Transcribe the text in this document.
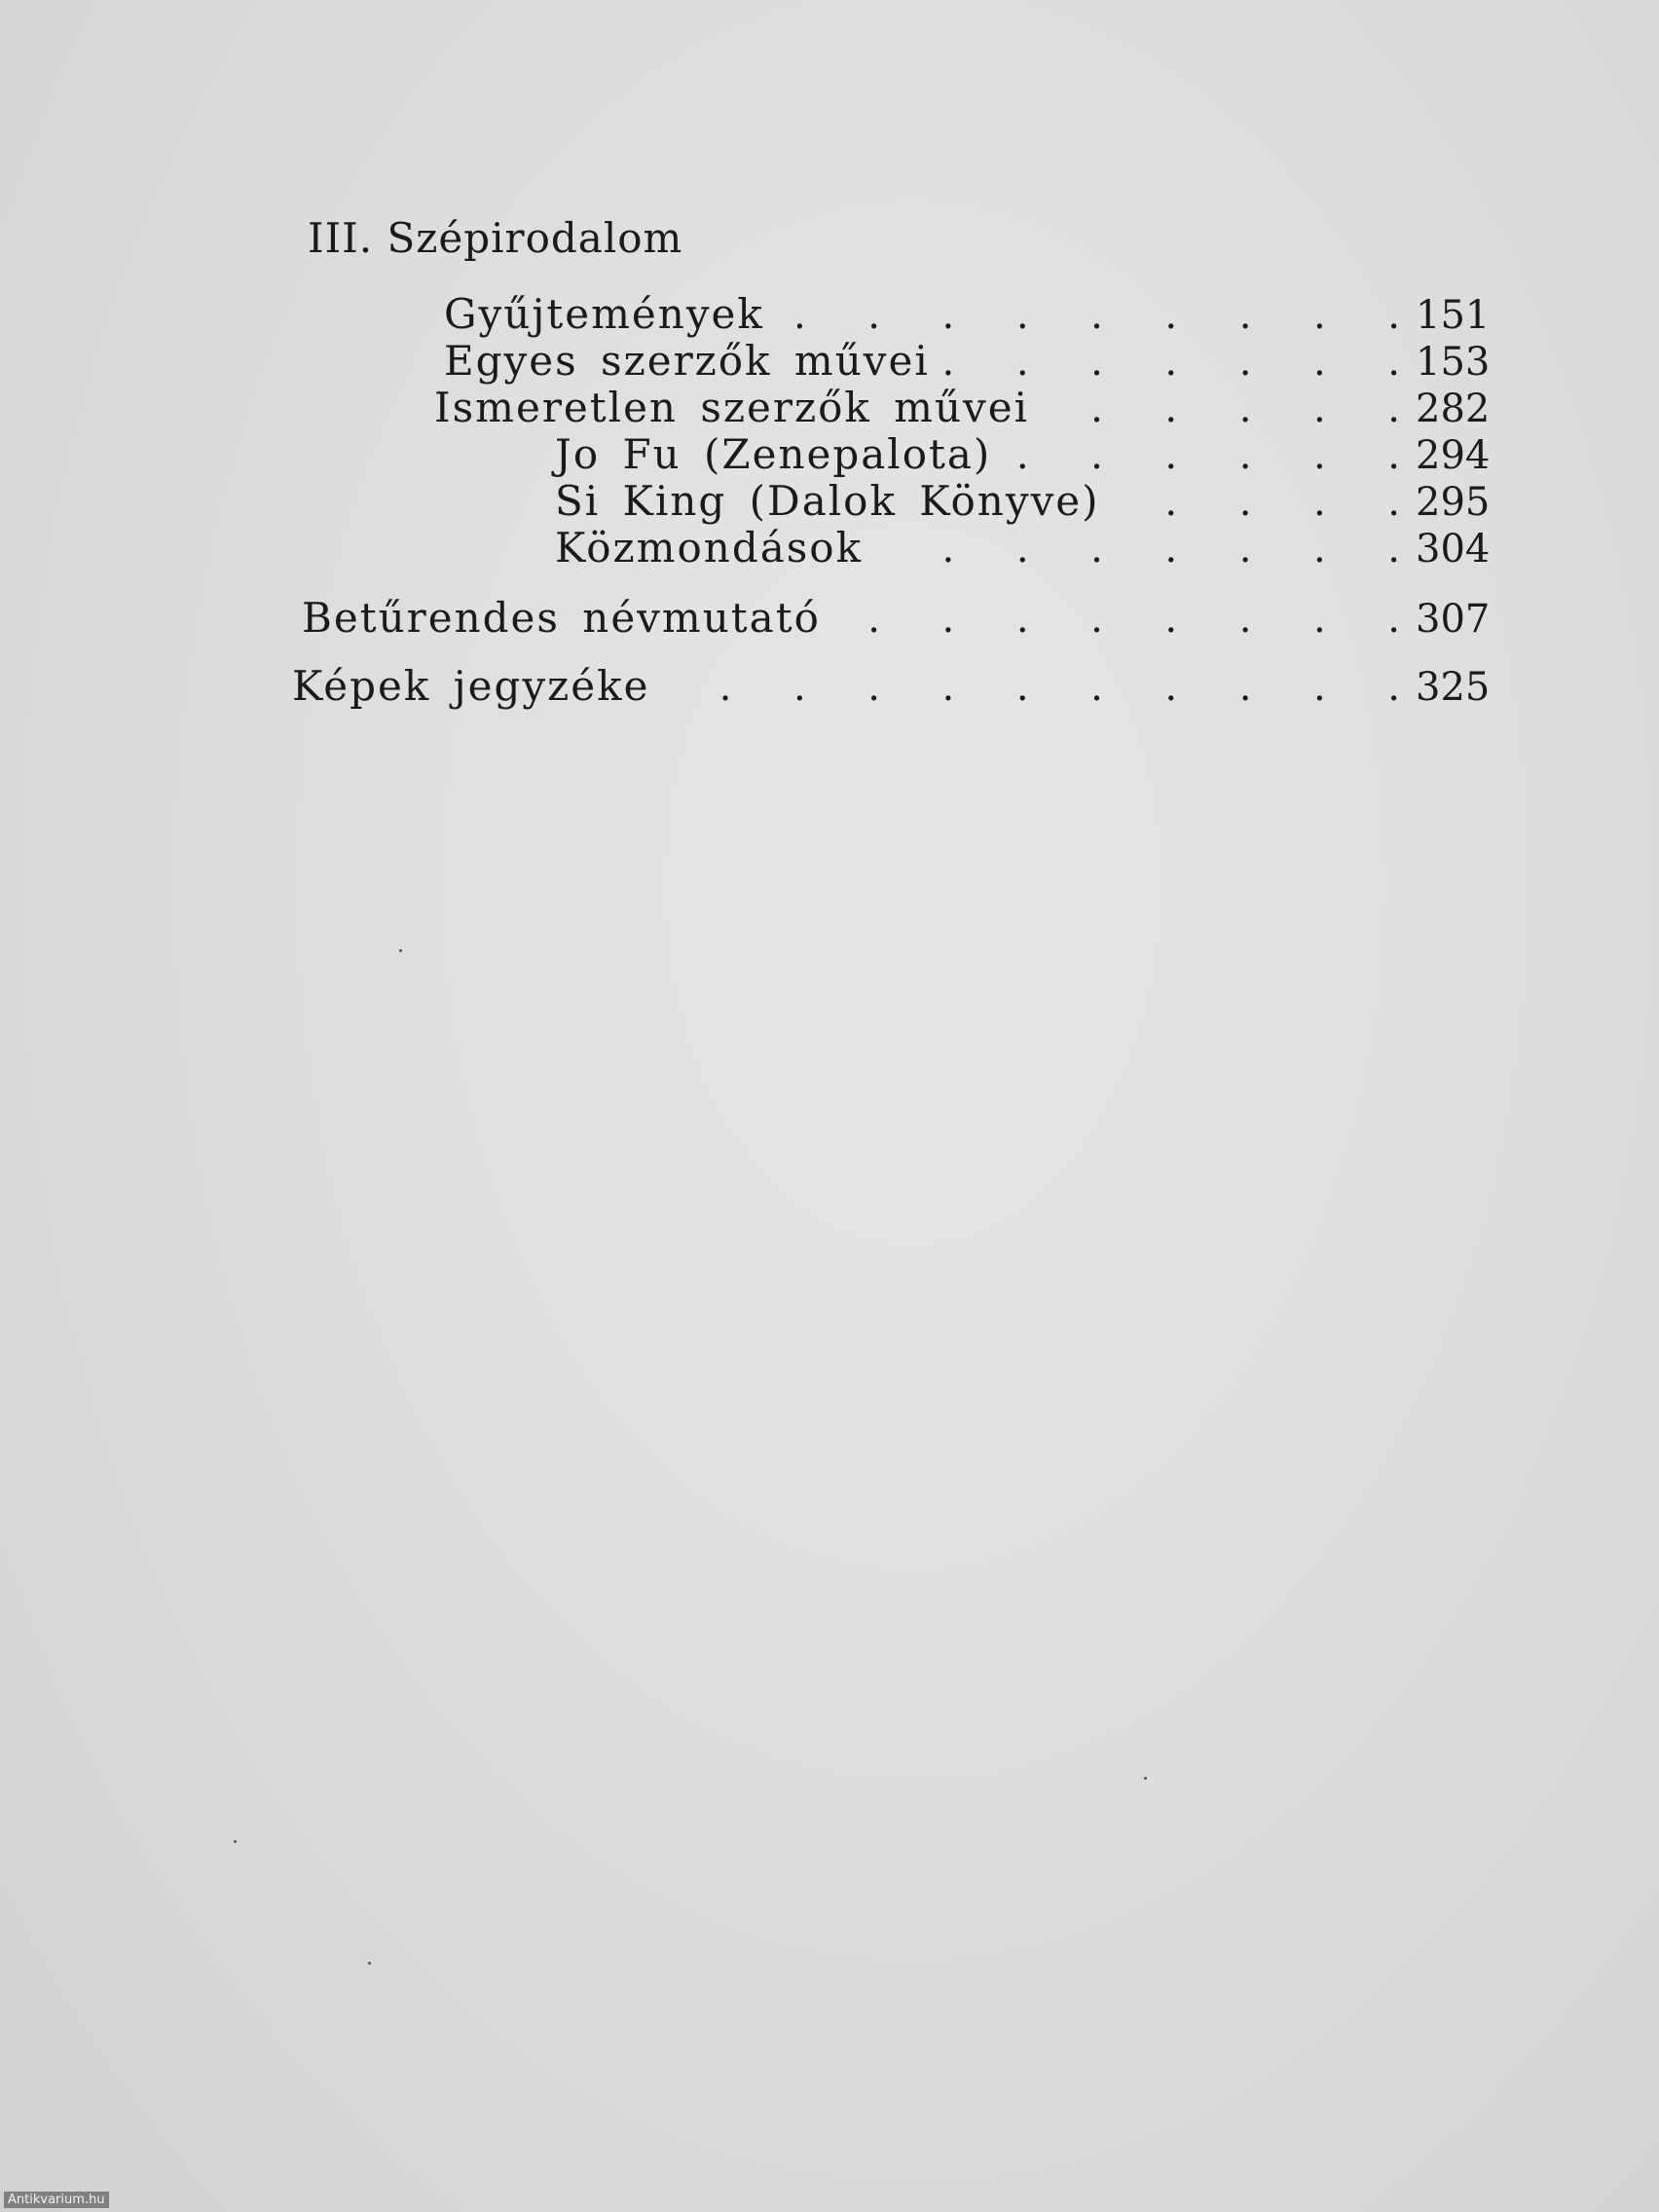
III. Szépirodalom
Gyűjtemények .	151
Egyes szerzők művei .	153
Ismeretlen szerzők művei .	282
Jo Fu (Zenepalota) .	294
Si King (Dalok Könyve) .	295
Közmondások .	304
Betűrendes névmutató .	307
Képek jegyzéke .	325
Antikvarium.hu
